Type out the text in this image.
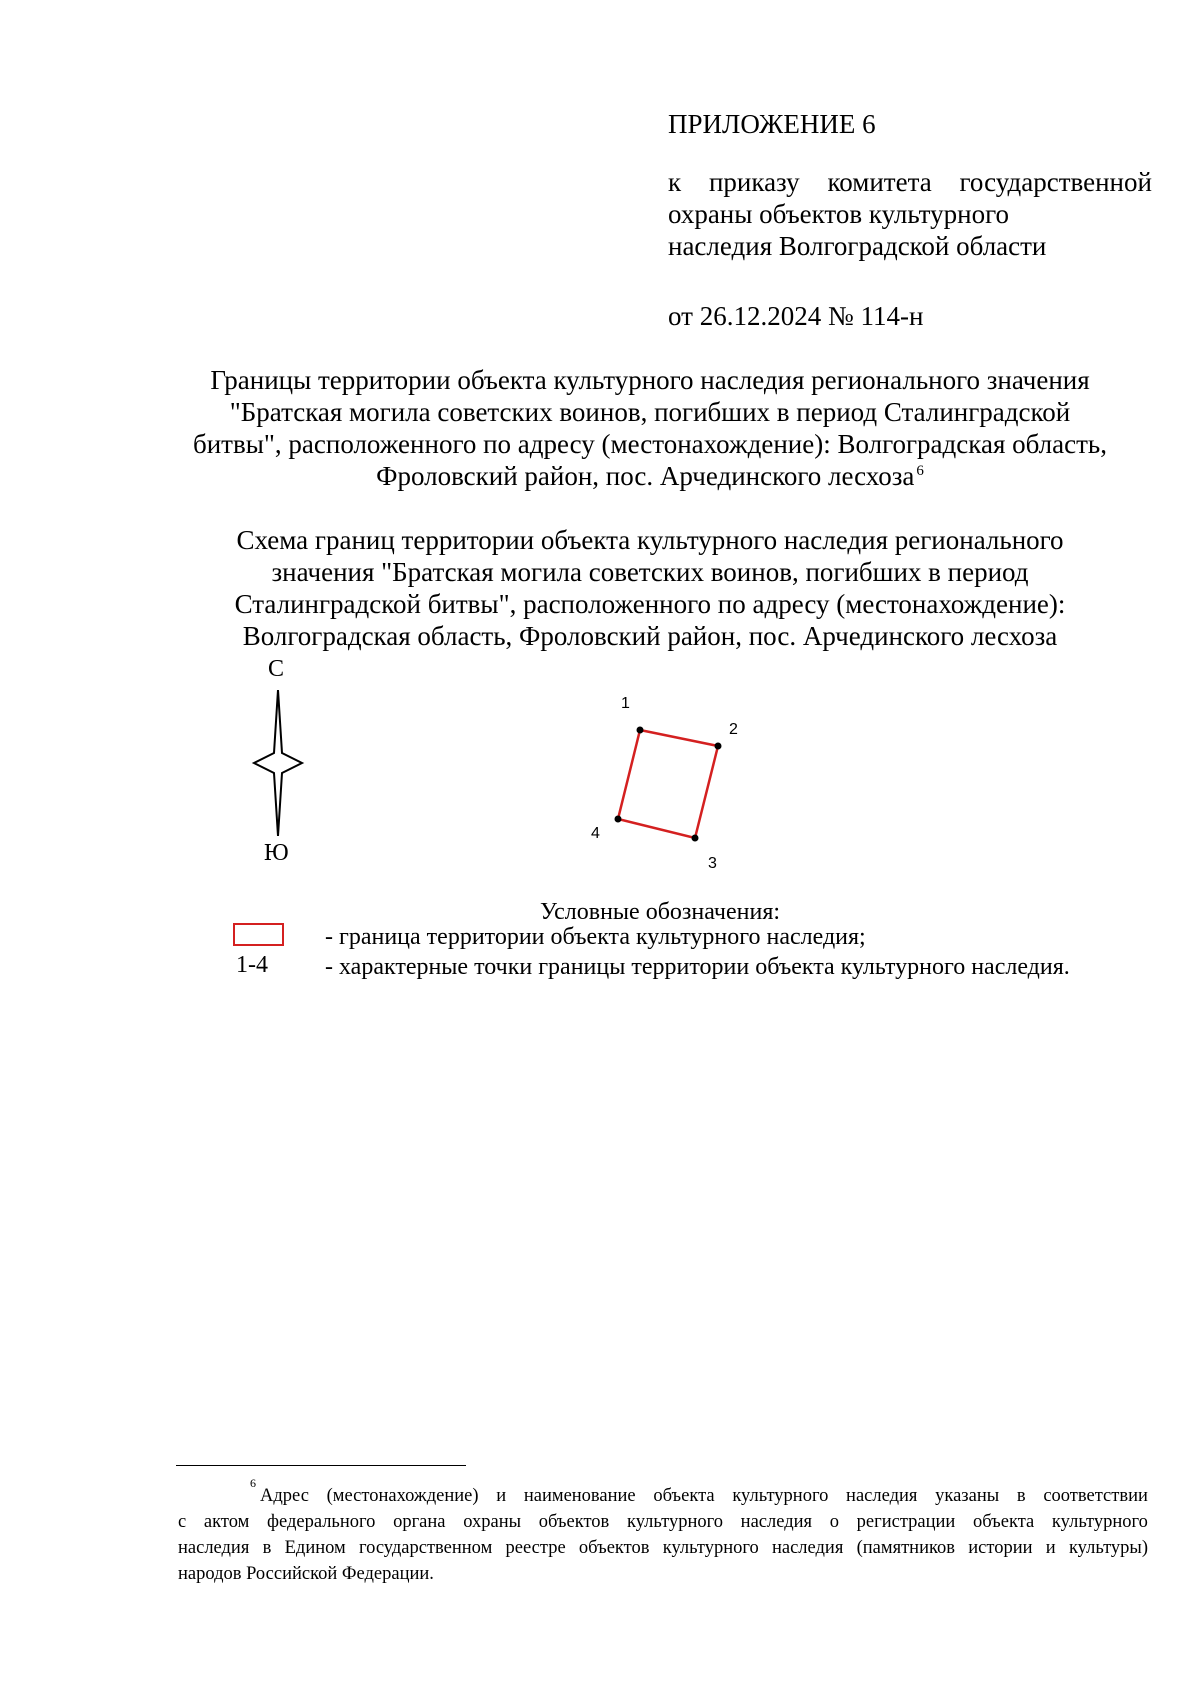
ПРИЛОЖЕНИЕ 6
к приказу комитета государственной
охраны объектов культурного
наследия Волгоградской области
от 26.12.2024 № 114-н
Границы территории объекта культурного наследия регионального значения
"Братская могила советских воинов, погибших в период Сталинградской
битвы", расположенного по адресу (местонахождение): Волгоградская область,
Фроловский район, пос. Арчединского лесхоза $^6$
Схема границ территории объекта культурного наследия регионального
значения "Братская могила советских воинов, погибших в период
Сталинградской битвы", расположенного по адресу (местонахождение):
Волгоградская область, Фроловский район, пос. Арчединского лесхоза
С
Ю
1
2
3
4
Условные обозначения:
- граница территории объекта культурного наследия;
1-4 - характерные точки границы территории объекта культурного наследия.
6
Адрес (местонахождение) и наименование объекта культурного наследия указаны в соответствии
с актом федерального органа охраны объектов культурного наследия о регистрации объекта культурного
наследия в Едином государственном реестре объектов культурного наследия (памятников истории и культуры)
народов Российской Федерации.
